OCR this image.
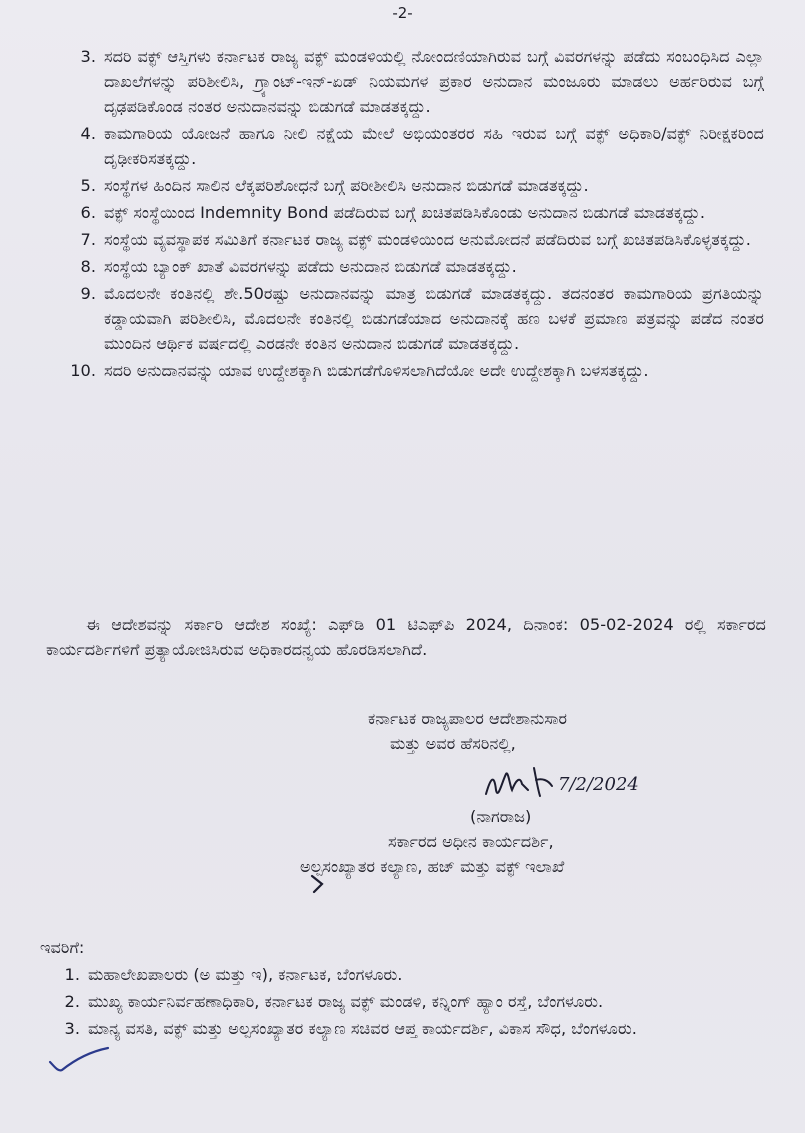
-2-
3. ಸದರಿ ವಕ್ಫ್ ಆಸ್ತಿಗಳು ಕರ್ನಾಟಕ ರಾಜ್ಯ ವಕ್ಫ್ ಮಂಡಳಿಯಲ್ಲಿ ನೋಂದಣಿಯಾಗಿರುವ ಬಗ್ಗೆ ವಿವರಗಳನ್ನು ಪಡೆದು ಸಂಬಂಧಿಸಿದ ಎಲ್ಲಾ ದಾಖಲೆಗಳನ್ನು ಪರಿಶೀಲಿಸಿ, ಗ್ರ್ಯಾಂಟ್-ಇನ್-ಏಡ್ ನಿಯಮಗಳ ಪ್ರಕಾರ ಅನುದಾನ ಮಂಜೂರು ಮಾಡಲು ಅರ್ಹರಿರುವ ಬಗ್ಗೆ ದೃಢಪಡಿಕೊಂಡ ನಂತರ ಅನುದಾನವನ್ನು ಬಿಡುಗಡೆ ಮಾಡತಕ್ಕದ್ದು.
4. ಕಾಮಗಾರಿಯ ಯೋಜನೆ ಹಾಗೂ ನೀಲಿ ನಕ್ಷೆಯ ಮೇಲೆ ಅಭಿಯಂತರರ ಸಹಿ ಇರುವ ಬಗ್ಗೆ ವಕ್ಫ್ ಅಧಿಕಾರಿ/ವಕ್ಫ್ ನಿರೀಕ್ಷಕರಿಂದ ದೃಢೀಕರಿಸತಕ್ಕದ್ದು.
5. ಸಂಸ್ಥೆಗಳ ಹಿಂದಿನ ಸಾಲಿನ ಲೆಕ್ಕಪರಿಶೋಧನೆ ಬಗ್ಗೆ ಪರೀಶೀಲಿಸಿ ಅನುದಾನ ಬಿಡುಗಡೆ ಮಾಡತಕ್ಕದ್ದು.
6. ವಕ್ಫ್ ಸಂಸ್ಥೆಯಿಂದ Indemnity Bond ಪಡೆದಿರುವ ಬಗ್ಗೆ ಖಚಿತಪಡಿಸಿಕೊಂಡು ಅನುದಾನ ಬಿಡುಗಡೆ ಮಾಡತಕ್ಕದ್ದು.
7. ಸಂಸ್ಥೆಯ ವ್ಯವಸ್ಥಾಪಕ ಸಮಿತಿಗೆ ಕರ್ನಾಟಕ ರಾಜ್ಯ ವಕ್ಫ್ ಮಂಡಳಿಯಿಂದ ಅನುಮೋದನೆ ಪಡೆದಿರುವ ಬಗ್ಗೆ ಖಚಿತಪಡಿಸಿಕೊಳ್ಳತಕ್ಕದ್ದು.
8. ಸಂಸ್ಥೆಯ ಬ್ಯಾಂಕ್ ಖಾತೆ ವಿವರಗಳನ್ನು ಪಡೆದು ಅನುದಾನ ಬಿಡುಗಡೆ ಮಾಡತಕ್ಕದ್ದು.
9. ಮೊದಲನೇ ಕಂತಿನಲ್ಲಿ ಶೇ.50ರಷ್ಟು ಅನುದಾನವನ್ನು ಮಾತ್ರ ಬಿಡುಗಡೆ ಮಾಡತಕ್ಕದ್ದು. ತದನಂತರ ಕಾಮಗಾರಿಯ ಪ್ರಗತಿಯನ್ನು ಕಡ್ಡಾಯವಾಗಿ ಪರಿಶೀಲಿಸಿ, ಮೊದಲನೇ ಕಂತಿನಲ್ಲಿ ಬಿಡುಗಡೆಯಾದ ಅನುದಾನಕ್ಕೆ ಹಣ ಬಳಕೆ ಪ್ರಮಾಣ ಪತ್ರವನ್ನು ಪಡೆದ ನಂತರ ಮುಂದಿನ ಆರ್ಥಿಕ ವರ್ಷದಲ್ಲಿ ಎರಡನೇ ಕಂತಿನ ಅನುದಾನ ಬಿಡುಗಡೆ ಮಾಡತಕ್ಕದ್ದು.
10. ಸದರಿ ಅನುದಾನವನ್ನು ಯಾವ ಉದ್ದೇಶಕ್ಕಾಗಿ ಬಿಡುಗಡೆಗೊಳಿಸಲಾಗಿದೆಯೋ ಅದೇ ಉದ್ದೇಶಕ್ಕಾಗಿ ಬಳಸತಕ್ಕದ್ದು.
ಈ ಆದೇಶವನ್ನು ಸರ್ಕಾರಿ ಆದೇಶ ಸಂಖ್ಯೆ: ಎಫ್‌ಡಿ 01 ಟಿಎಫ್‌ಪಿ 2024, ದಿನಾಂಕ: 05-02-2024 ರಲ್ಲಿ ಸರ್ಕಾರದ ಕಾರ್ಯದರ್ಶಿಗಳಿಗೆ ಪ್ರತ್ಯಾಯೋಜಿಸಿರುವ ಅಧಿಕಾರದನ್ವಯ ಹೊರಡಿಸಲಾಗಿದೆ.
ಕರ್ನಾಟಕ ರಾಜ್ಯಪಾಲರ ಆದೇಶಾನುಸಾರ
ಮತ್ತು ಅವರ ಹೆಸರಿನಲ್ಲಿ,
7/2/2024
(ನಾಗರಾಜ)
ಸರ್ಕಾರದ ಅಧೀನ ಕಾರ್ಯದರ್ಶಿ,
ಅಲ್ಪಸಂಖ್ಯಾತರ ಕಲ್ಯಾಣ, ಹಜ್ ಮತ್ತು ವಕ್ಫ್ ಇಲಾಖೆ
ಇವರಿಗೆ:
1. ಮಹಾಲೇಖಪಾಲರು (ಅ ಮತ್ತು ಇ), ಕರ್ನಾಟಕ, ಬೆಂಗಳೂರು.
2. ಮುಖ್ಯ ಕಾರ್ಯನಿರ್ವಹಣಾಧಿಕಾರಿ, ಕರ್ನಾಟಕ ರಾಜ್ಯ ವಕ್ಫ್ ಮಂಡಳಿ, ಕನ್ನಿಂಗ್ ಹ್ಯಾಂ ರಸ್ತೆ, ಬೆಂಗಳೂರು.
3. ಮಾನ್ಯ ವಸತಿ, ವಕ್ಫ್ ಮತ್ತು ಅಲ್ಪಸಂಖ್ಯಾತರ ಕಲ್ಯಾಣ ಸಚಿವರ ಆಪ್ತ ಕಾರ್ಯದರ್ಶಿ, ವಿಕಾಸ ಸೌಧ, ಬೆಂಗಳೂರು.
